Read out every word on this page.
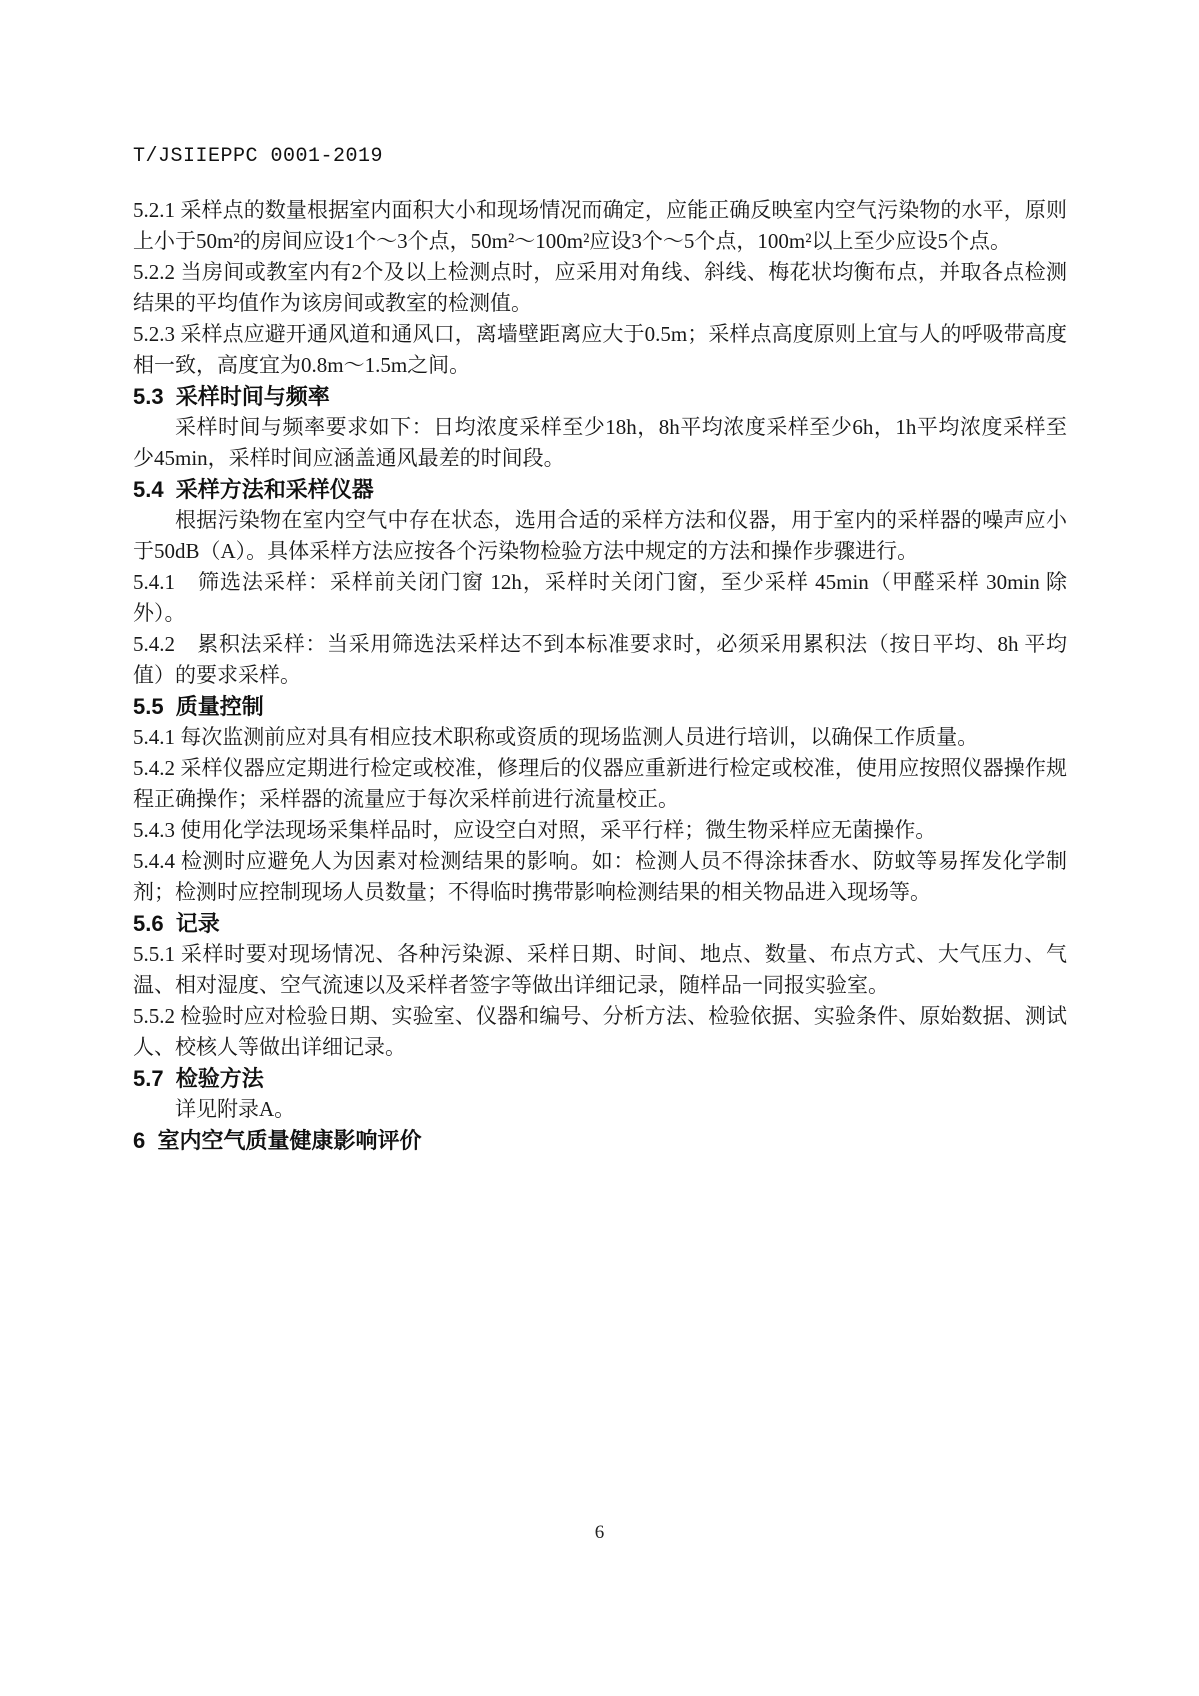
T/JSIIEPPC 0001-2019

5.2.1 采样点的数量根据室内面积大小和现场情况而确定，应能正确反映室内空气污染物的水平，原则上小于50m²的房间应设1个～3个点，50m²～100m²应设3个～5个点，100m²以上至少应设5个点。

5.2.2 当房间或教室内有2个及以上检测点时，应采用对角线、斜线、梅花状均衡布点，并取各点检测结果的平均值作为该房间或教室的检测值。

5.2.3 采样点应避开通风道和通风口，离墙壁距离应大于0.5m；采样点高度原则上宜与人的呼吸带高度相一致，高度宜为0.8m～1.5m之间。

5.3  采样时间与频率

采样时间与频率要求如下：日均浓度采样至少18h，8h平均浓度采样至少6h，1h平均浓度采样至少45min，采样时间应涵盖通风最差的时间段。

5.4  采样方法和采样仪器

根据污染物在室内空气中存在状态，选用合适的采样方法和仪器，用于室内的采样器的噪声应小于50dB（A）。具体采样方法应按各个污染物检验方法中规定的方法和操作步骤进行。

5.4.1　筛选法采样：采样前关闭门窗 12h，采样时关闭门窗，至少采样 45min（甲醛采样 30min 除外）。

5.4.2　累积法采样：当采用筛选法采样达不到本标准要求时，必须采用累积法（按日平均、8h 平均值）的要求采样。

5.5  质量控制

5.4.1 每次监测前应对具有相应技术职称或资质的现场监测人员进行培训，以确保工作质量。

5.4.2 采样仪器应定期进行检定或校准，修理后的仪器应重新进行检定或校准，使用应按照仪器操作规程正确操作；采样器的流量应于每次采样前进行流量校正。

5.4.3 使用化学法现场采集样品时，应设空白对照，采平行样；微生物采样应无菌操作。

5.4.4 检测时应避免人为因素对检测结果的影响。如：检测人员不得涂抹香水、防蚊等易挥发化学制剂；检测时应控制现场人员数量；不得临时携带影响检测结果的相关物品进入现场等。

5.6  记录

5.5.1 采样时要对现场情况、各种污染源、采样日期、时间、地点、数量、布点方式、大气压力、气温、相对湿度、空气流速以及采样者签字等做出详细记录，随样品一同报实验室。

5.5.2 检验时应对检验日期、实验室、仪器和编号、分析方法、检验依据、实验条件、原始数据、测试人、校核人等做出详细记录。

5.7  检验方法

详见附录A。

6  室内空气质量健康影响评价
6
